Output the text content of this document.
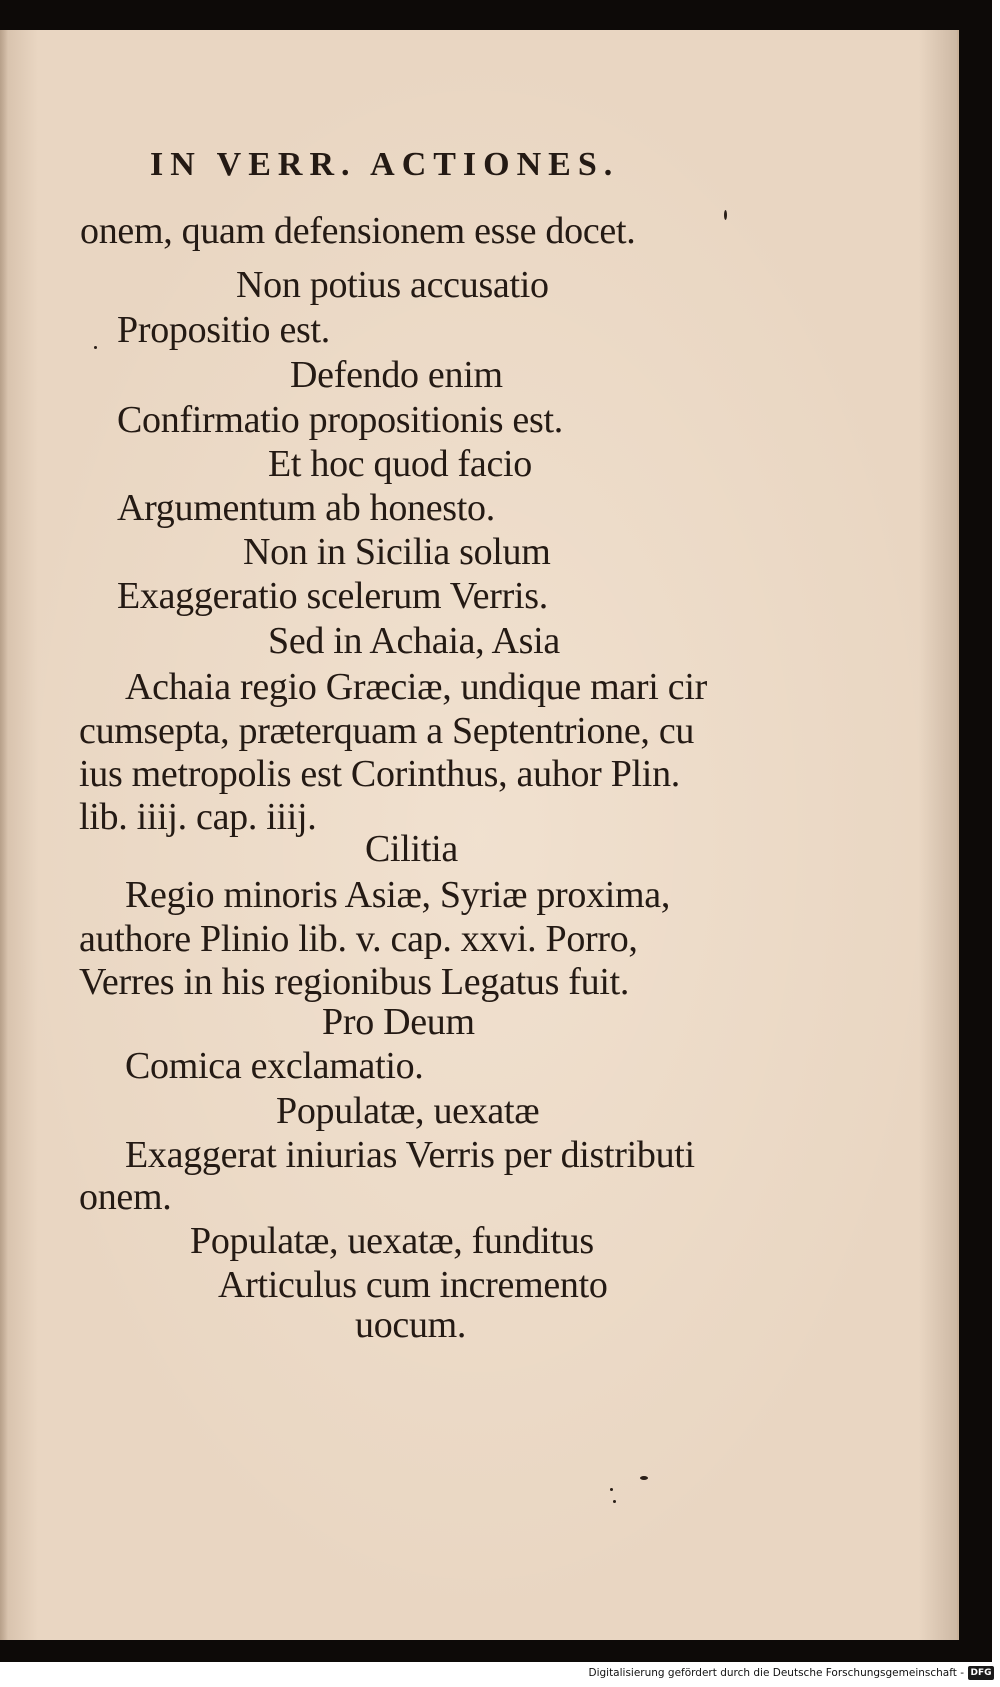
IN VERR. ACTIONES.
onem, quam defensionem esse docet.
Non potius accusatio
Propositio est.
Defendo enim
Confirmatio propositionis est.
Et hoc quod facio
Argumentum ab honesto.
Non in Sicilia solum
Exaggeratio scelerum Verris.
Sed in Achaia, Asia
Achaia regio Græciæ, undique mari cir
cumsepta, præterquam a Septentrione, cu
ius metropolis est Corinthus, auhor Plin.
lib. iiij. cap. iiij.
Cilitia
Regio minoris Asiæ, Syriæ proxima,
authore Plinio lib. v. cap. xxvi. Porro,
Verres in his regionibus Legatus fuit.
Pro Deum
Comica exclamatio.
Populatæ, uexatæ
Exaggerat iniurias Verris per distributi
onem.
Populatæ, uexatæ, funditus
Articulus cum incremento
uocum.
Digitalisierung gefördert durch die Deutsche Forschungsgemeinschaft - DFG
